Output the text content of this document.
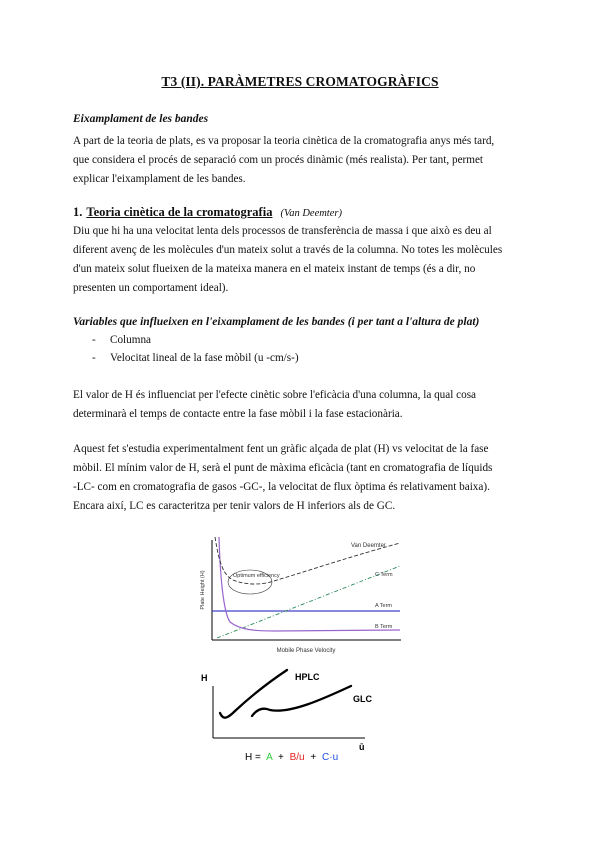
T3 (II). PARÀMETRES CROMATOGRÀFICS
Eixamplament de les bandes
A part de la teoria de plats, es va proposar la teoria cinètica de la cromatografia anys més tard,
que considera el procés de separació com un procés dinàmic (més realista). Per tant, permet
explicar l'eixamplament de les bandes.
1. Teoria cinètica de la cromatografia (Van Deemter)
Diu que hi ha una velocitat lenta dels processos de transferència de massa i que això es deu al
diferent avenç de les molècules d'un mateix solut a través de la columna. No totes les molècules
d'un mateix solut flueixen de la mateixa manera en el mateix instant de temps (és a dir, no
presenten un comportament ideal).
Variables que influeixen en l'eixamplament de les bandes (i per tant a l'altura de plat)
- Columna
- Velocitat lineal de la fase mòbil (u -cm/s-)
El valor de H és influenciat per l'efecte cinètic sobre l'eficàcia d'una columna, la qual cosa
determinarà el temps de contacte entre la fase mòbil i la fase estacionària.
Aquest fet s'estudia experimentalment fent un gràfic alçada de plat (H) vs velocitat de la fase
mòbil. El mínim valor de H, serà el punt de màxima eficàcia (tant en cromatografia de líquids
-LC- com en cromatografia de gasos -GC-, la velocitat de flux òptima és relativament baixa).
Encara així, LC es caracteritza per tenir valors de H inferiors als de GC.
Plate Height (H)
Mobile Phase Velocity
Optimum efficiency
Van Deemter
C Term
A Term
B Term
H
ū
HPLC
GLC
H = A + B/u + C·u
